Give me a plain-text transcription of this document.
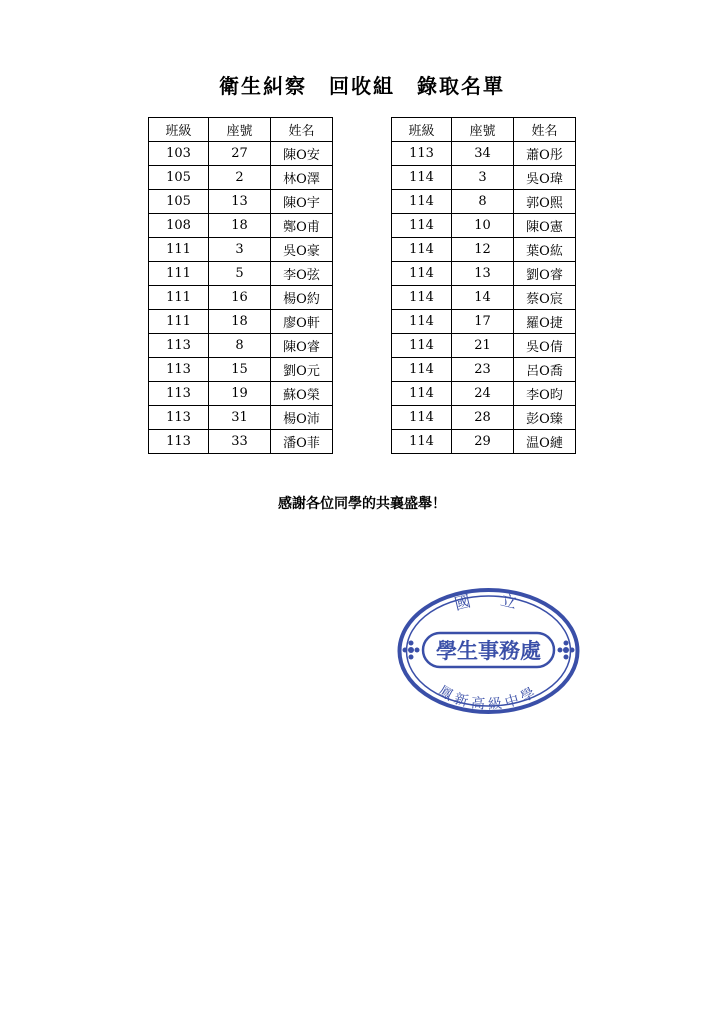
衛生糾察　回收組　錄取名單
班級	座號	姓名
103	27	陳O安
105	2	林O澤
105	13	陳O宇
108	18	鄭O甫
111	3	吳O豪
111	5	李O弦
111	16	楊O約
111	18	廖O軒
113	8	陳O睿
113	15	劉O元
113	19	蘇O榮
113	31	楊O沛
113	33	潘O菲
班級	座號	姓名
113	34	蕭O彤
114	3	吳O瑋
114	8	郭O熙
114	10	陳O憲
114	12	葉O紘
114	13	劉O睿
114	14	蔡O宸
114	17	羅O捷
114	21	吳O倩
114	23	呂O喬
114	24	李O昀
114	28	彭O臻
114	29	温O縺
感謝各位同學的共襄盛舉！
國　立
學生事務處
鳳新高級中學
